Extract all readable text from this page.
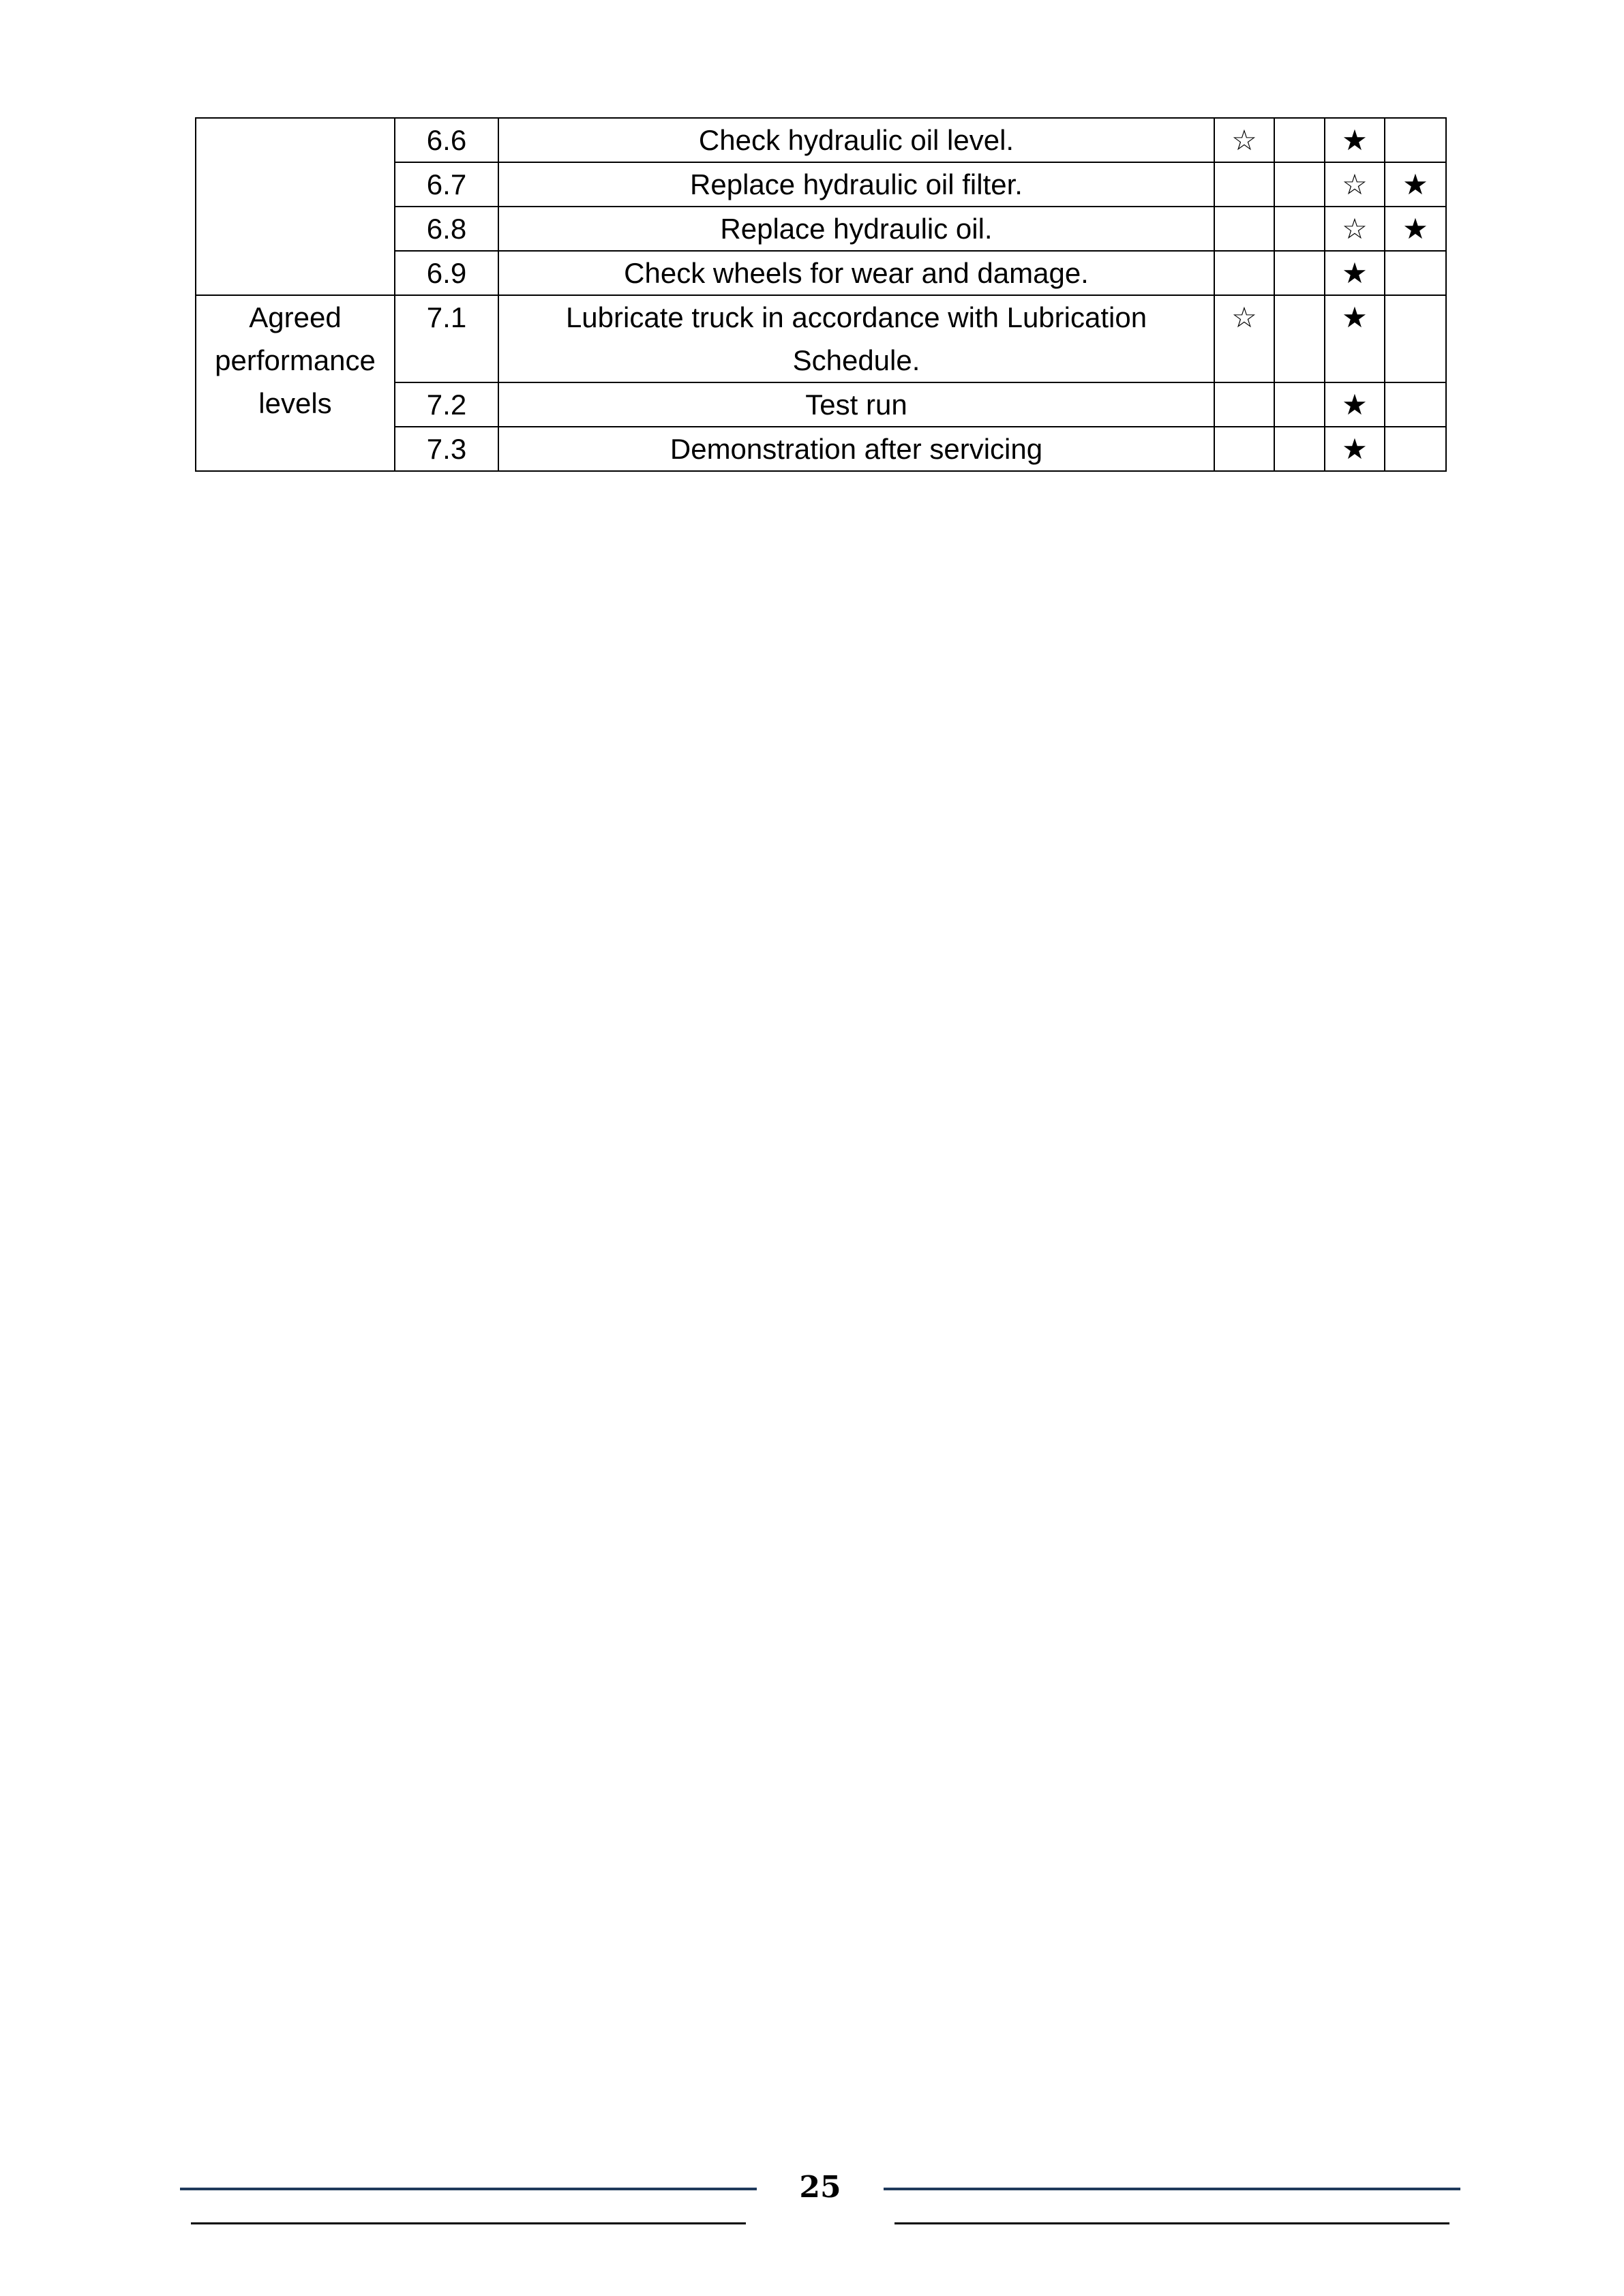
	6.6	Check hydraulic oil level.	☆		★	
	6.7	Replace hydraulic oil filter.			☆	★
	6.8	Replace hydraulic oil.			☆	★
	6.9	Check wheels for wear and damage.			★	
Agreed performance levels	7.1	Lubricate truck in accordance with Lubrication Schedule.	☆		★	
	7.2	Test run			★	
	7.3	Demonstration after servicing			★	
25
